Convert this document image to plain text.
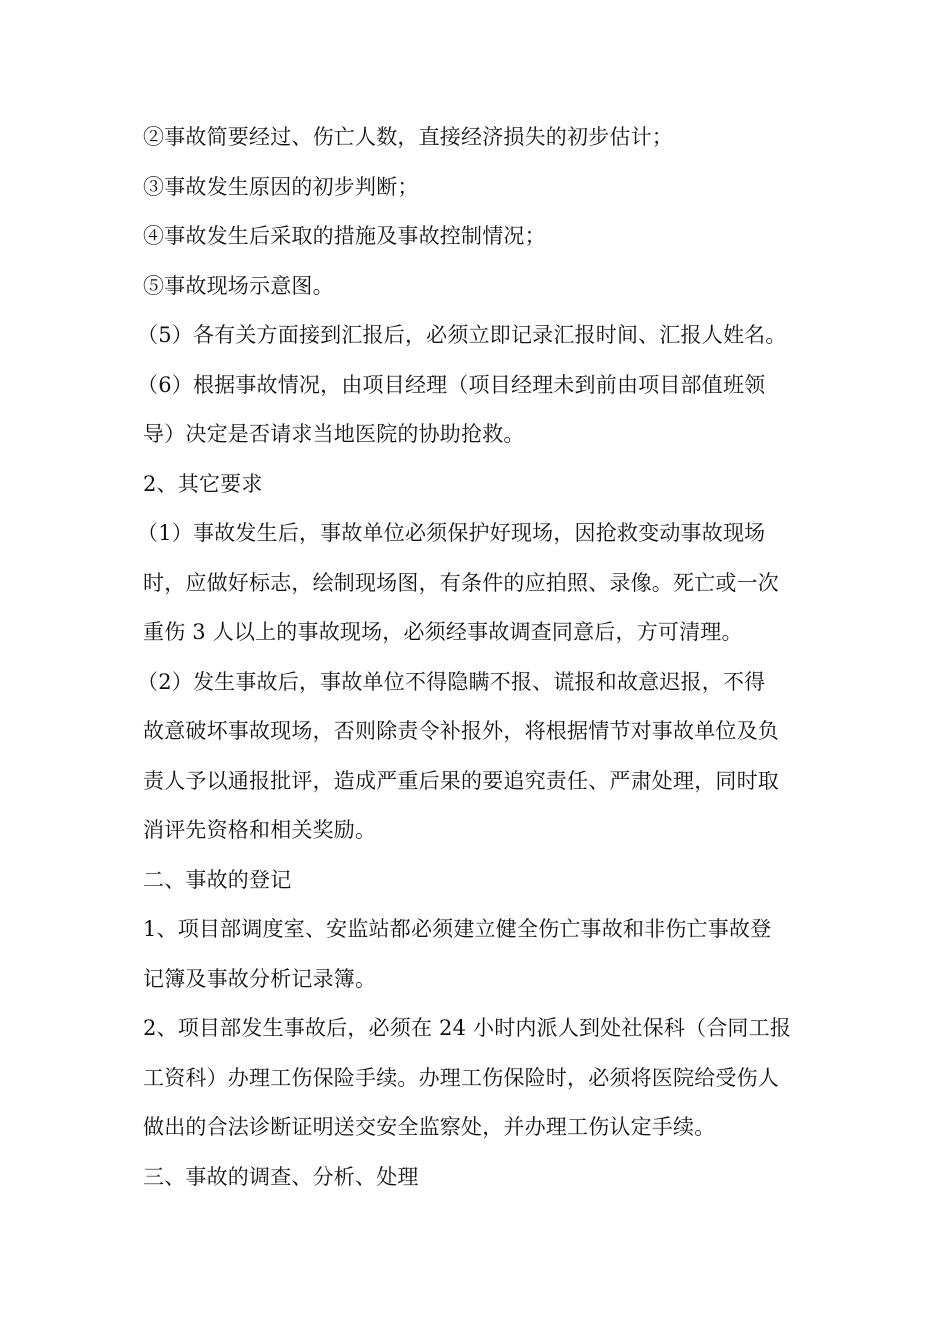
②事故简要经过、伤亡人数，直接经济损失的初步估计；
③事故发生原因的初步判断；
④事故发生后采取的措施及事故控制情况；
⑤事故现场示意图。
（5）各有关方面接到汇报后，必须立即记录汇报时间、汇报人姓名。
（6）根据事故情况，由项目经理（项目经理未到前由项目部值班领
导）决定是否请求当地医院的协助抢救。
2、其它要求
（1）事故发生后，事故单位必须保护好现场，因抢救变动事故现场
时，应做好标志，绘制现场图，有条件的应拍照、录像。死亡或一次
重伤 3 人以上的事故现场，必须经事故调查同意后，方可清理。
（2）发生事故后，事故单位不得隐瞒不报、谎报和故意迟报，不得
故意破坏事故现场，否则除责令补报外，将根据情节对事故单位及负
责人予以通报批评，造成严重后果的要追究责任、严肃处理，同时取
消评先资格和相关奖励。
二、事故的登记
1、项目部调度室、安监站都必须建立健全伤亡事故和非伤亡事故登
记簿及事故分析记录簿。
2、项目部发生事故后，必须在 24 小时内派人到处社保科（合同工报
工资科）办理工伤保险手续。办理工伤保险时，必须将医院给受伤人
做出的合法诊断证明送交安全监察处，并办理工伤认定手续。
三、事故的调查、分析、处理
